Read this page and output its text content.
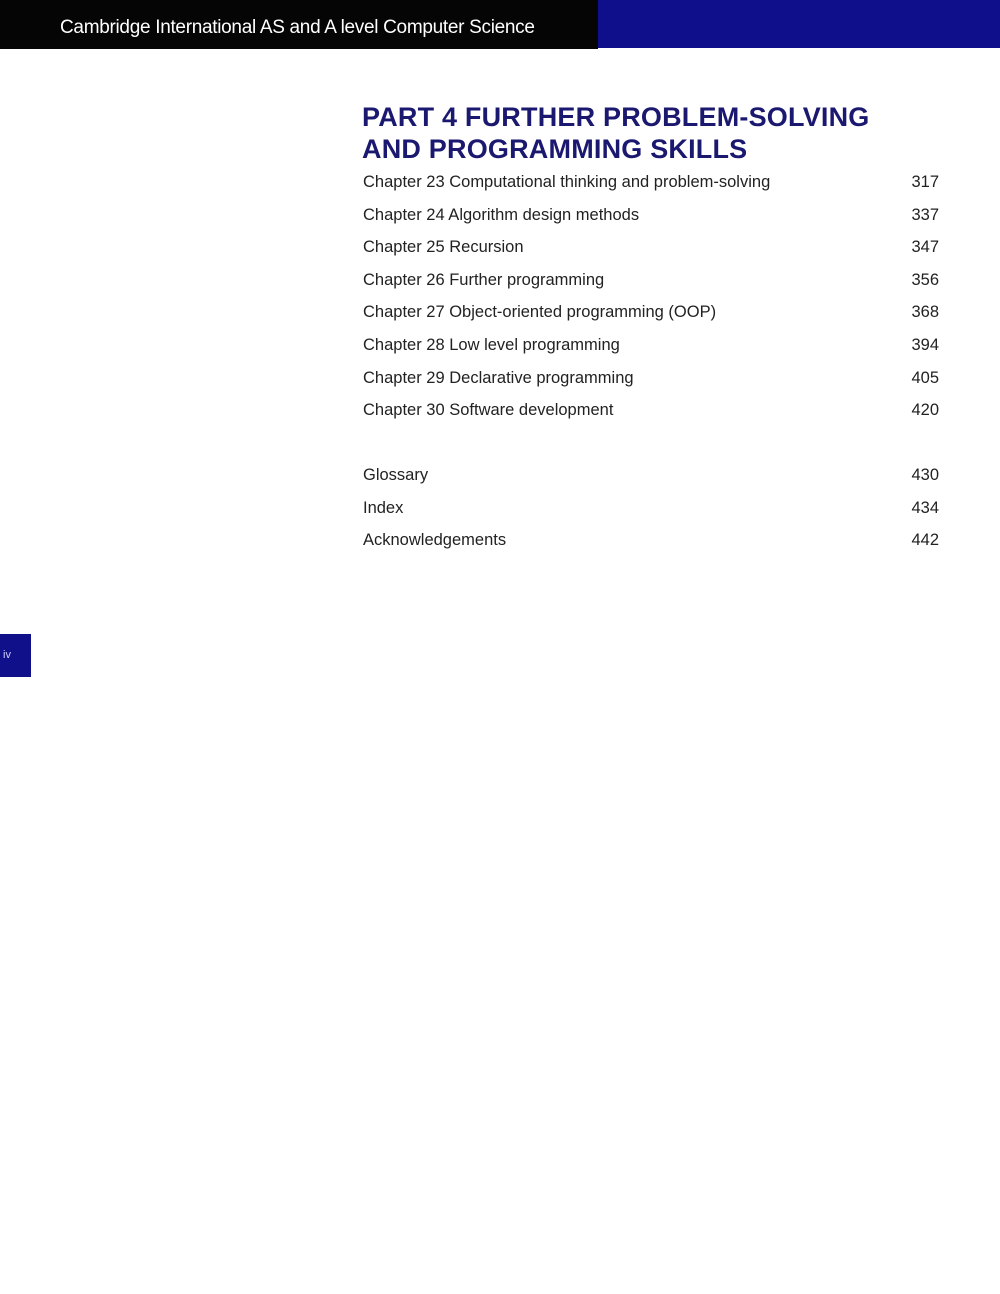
Cambridge International AS and A level Computer Science
PART 4 FURTHER PROBLEM-SOLVING
AND PROGRAMMING SKILLS
Chapter 23 Computational thinking and problem-solving	317
Chapter 24 Algorithm design methods	337
Chapter 25 Recursion	347
Chapter 26 Further programming	356
Chapter 27 Object-oriented programming (OOP)	368
Chapter 28 Low level programming	394
Chapter 29 Declarative programming	405
Chapter 30 Software development	420
Glossary	430
Index	434
Acknowledgements	442
iv
